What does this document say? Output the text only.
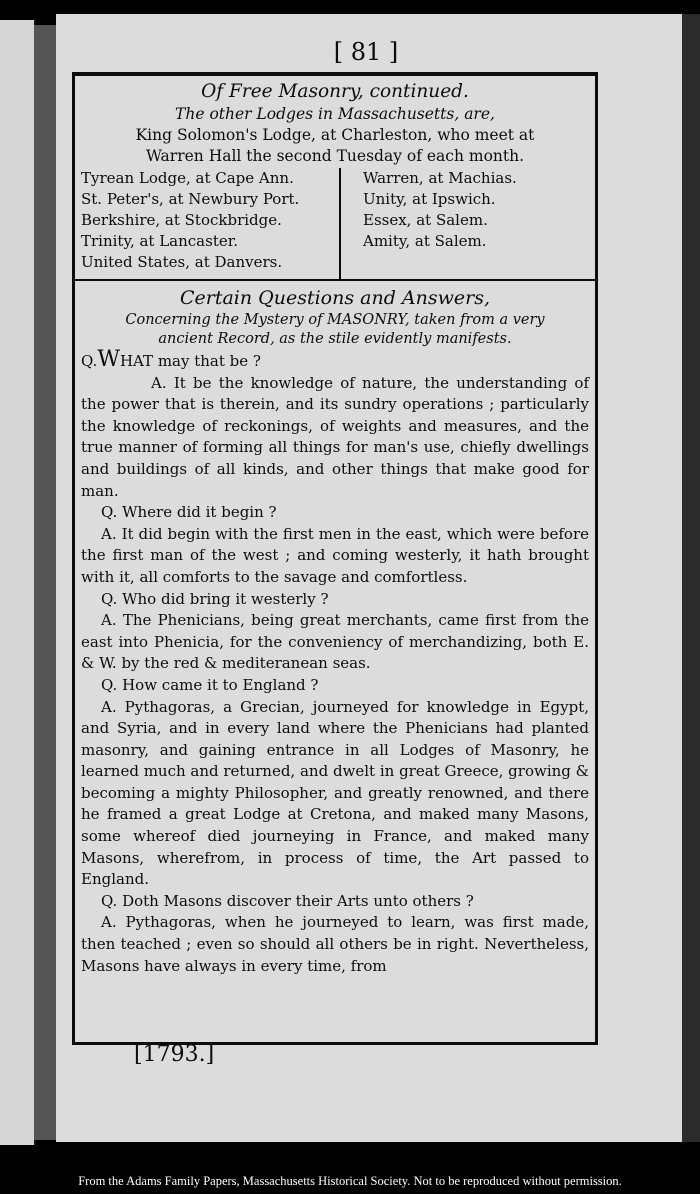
[ 81 ]
Of Free Masonry, continued.
The other Lodges in Massachusetts, are,
King Solomon's Lodge, at Charleston, who meet at
Warren Hall the second Tuesday of each month.
Tyrean Lodge, at Cape Ann.
St. Peter's, at Newbury Port.
Berkshire, at Stockbridge.
Trinity, at Lancaster.
United States, at Danvers.
Warren, at Machias.
Unity, at Ipswich.
Essex, at Salem.
Amity, at Salem.
Certain Questions and Answers,
Concerning the Mystery of MASONRY, taken from a very
ancient Record, as the stile evidently manifests.

Q.WHAT may that be ?

A. It be the knowledge of nature, the understanding of the power that is therein, and its sundry operations ; particularly the knowledge of reckonings, of weights and measures, and the true manner of forming all things for man's use, chiefly dwellings and buildings of all kinds, and other things that make good for man.

Q. Where did it begin ?

A. It did begin with the first men in the east, which were before the first man of the west ; and coming westerly, it hath brought with it, all comforts to the savage and comfortless.

Q. Who did bring it westerly ?

A. The Phenicians, being great merchants, came first from the east into Phenicia, for the conveniency of merchandizing, both E. & W. by the red & mediteranean seas.

Q. How came it to England ?

A. Pythagoras, a Grecian, journeyed for knowledge in Egypt, and Syria, and in every land where the Phenicians had planted masonry, and gaining entrance in all Lodges of Masonry, he learned much and returned, and dwelt in great Greece, growing & becoming a mighty Philosopher, and greatly renowned, and there he framed a great Lodge at Cretona, and maked many Masons, some whereof died journeying in France, and maked many Masons, wherefrom, in process of time, the Art passed to England.

Q. Doth Masons discover their Arts unto others ?

A. Pythagoras, when he journeyed to learn, was first made, then teached ; even so should all others be in right. Nevertheless, Masons have always in every time, from

[1793.]
From the Adams Family Papers, Massachusetts Historical Society. Not to be reproduced without permission.
